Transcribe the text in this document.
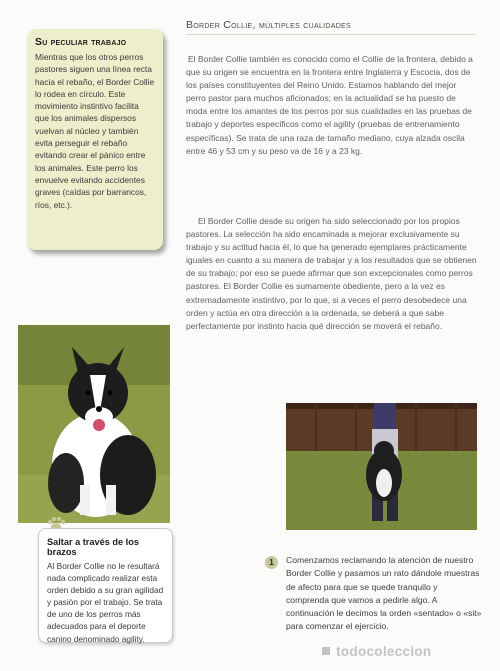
Border Collie, múltiples cualidades

Su peculiar trabajo

Mientras que los otros perros pastores siguen una línea recta hacia el rebaño, el Border Collie lo rodea en círculo. Este movimiento instintivo facilita que los animales dispersos vuelvan al núcleo y también evita perseguir el rebaño evitando crear el pánico entre los animales. Este perro los envuelve evitando accidentes graves (caídas por barrancos, ríos, etc.).

El Border Collie también es conocido como el Collie de la frontera, debido a que su origen se encuentra en la frontera entre Inglaterra y Escocia, dos de los países constituyentes del Reino Unido. Estamos hablando del mejor perro pastor para muchos aficionados; en la actualidad se ha puesto de moda entre los amantes de los perros por sus cualidades en las pruebas de trabajo y deportes específicos como el agility (pruebas de entrenamiento específicas). Se trata de una raza de tamaño mediano, cuya alzada oscila entre 46 y 53 cm y su peso va de 16 y a 23 kg.

El Border Collie desde su origen ha sido seleccionado por los propios pastores. La selección ha sido encaminada a mejorar exclusivamente su trabajo y su actitud hacia él, lo que ha generado ejemplares prácticamente iguales en cuanto a su manera de trabajar y a los resultados que se obtienen de su trabajo; por eso se puede afirmar que son excepcionales como perros pastores. El Border Collie es sumamente obediente, pero a la vez es extremadamente instintivo, por lo que, si a veces el perro desobedece una orden y actúa en otra dirección a la ordenada, se deberá a que sabe perfectamente por instinto hacia qué dirección se moverá el rebaño.

Saltar a través de los brazos

Al Border Collie no le resultará nada complicado realizar esta orden debido a su gran agilidad y pasión por el trabajo. Se trata de uno de los perros más adecuados para el deporte canino denominado agility.

1	Comenzamos reclamando la atención de nuestro Border Collie y pasamos un rato dándole muestras de afecto para que se quede tranquilo y comprenda que vamos a pedirle algo. A continuación le decimos la orden «sentado» o «sit» para comenzar el ejercicio.

todocoleccion
